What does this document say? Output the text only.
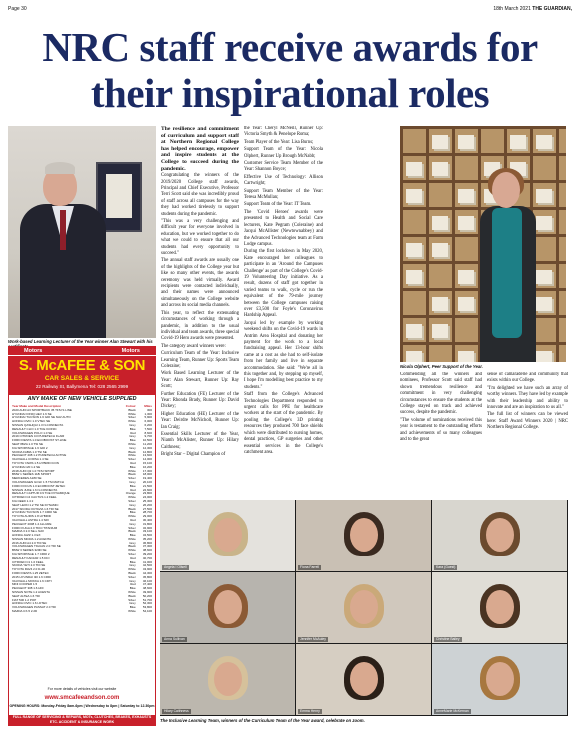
Page 30	18th March 2021 THE GUARDIAN,
NRC staff receive awards for
their inspirational roles
Work-based Learning Lecturer of the Year winner Alan Stewart with his

The resilience and commitment of curriculum and support staff at Northern Regional College has helped encourage, empower and inspire students at the College to succeed during the pandemic.

Congratulating the winners of the 2019/2020 College staff awards, Principal and Chief Executive, Professor Terri Scott said she was incredibly proud of staff across all campuses for the way they had worked tirelessly to support students during the pandemic.

"This was a very challenging and difficult year for everyone involved in education, but we worked together to do what we could to ensure that all our students had every opportunity to succeed."

The annual staff awards are usually one of the highlights of the College year but like so many other events, the awards ceremony was held virtually. Award recipients were contacted individually, and their names were announced simultaneously on the College website and across its social media channels.

This year, to reflect the extenuating circumstances of working through a pandemic, in addition to the usual individual and team awards, three special Covid-19 Hero awards were presented.

The category award winners were:

Curriculum Team of the Year: Inclusive Learning Team, Runner Up: Sports Team Coleraine;

Work Based Learning Lecturer of the Year: Alan Stewart, Runner Up: Ray Scott;

Further Education (FE) Lecturer of the Year: Rhonda Brady, Runner Up: David Dickey;

Higher Education (HE) Lecturer of the Year: Deirdre McNicholl, Runner Up: Ian Craig;

Essential Skills Lecturer of the Year, Niamh McAlister, Runner Up: Hilary Caithness;

Bright Star – Digital Champion of

the Year: Cheryl McNeill, Runner Up: Victoria Smyth & Penelope Roma;

Team Player of the Year: Lisa Burns;

Support Team of the Year: Nicola Olphert, Runner Up Brough McNabb;

Customer Service Team Member of the Year: Shannon Boyce;

Effective Use of Technology: Allison Cartwright;

Support Team Member of the Year: Teresa McMullan;

Support Team of the Year: IT Team.

The 'Covid Heroes' awards were presented to Health and Social Care lecturers, Kate Pegram (Coleraine) and Jacqui McAllister (Newtownabbey) and the Advanced Technologies team at Farm Lodge campus.

During the first lockdown in May 2020, Kate encouraged her colleagues to participate in an 'Around the Campuses Challenge' as part of the College's Covid-19 Volunteering Day initiative. As a result, dozens of staff got together in varied teams to walk, cycle or run the equivalent of the 79-mile journey between the College campuses raising over £3,500 for Foyle's Coronavirus Hardship Appeal.

Jacqui led by example by working weekend shifts on the Covid-19 wards in Antrim Area Hospital and donating her payment for the work to a local fundraising appeal. Her 13-hour shifts came at a cost as she had to self-isolate from her family and live in separate accommodation. She said: "We're all in this together and, by stepping up myself, I hope I'm modelling best practice to my students."

Staff from the College's Advanced Technologies Department responded to urgent calls for PPE for healthcare workers at the start of the pandemic. By pooling the College's 3D printing resources they produced 700 face shields which were distributed to nursing homes, dental practices, GP surgeries and other essential services in the College's catchment area.

Nicola Olphert, Peer Support of the Year.

Commending all the winners and nominees, Professor Scott said staff had shown tremendous resilience and commitment in very challenging circumstances to ensure the students at the College stayed on track and achieved success, despite the pandemic.

"The volume of nominations received this year is testament to the outstanding efforts and achievements of so many colleagues and to the great

sense of camaraderie and community that exists within our College.

"I'm delighted we have such an array of worthy winners. They have led by example with their leadership and ability to innovate and are an inspiration to us all."

The full list of winners can be viewed here: Staff Award Winners 2020 | NRC Northern Regional College.

Angela I Ollsell	Fiona Farrell	Kara (Guest)
Anna Sullivan	Jennifer McAuley	Christine Bailey
Hilary Caithness	Emma Henry	AnneMarie McKernan
The Inclusive Learning Team, winners of the Curriculum Team of the Year award, celebrate on zoom.
Motors	Motors
S. McAFEE & SON
CAR SALES & SERVICE
22 Railway St, Ballymena Tel: 028 2565 2999
ANY MAKE OF NEW VEHICLE SUPPLIED
Year Make and Model Description	Colour	Miles
2020 AUDI A3 SPORTBACK 35 TFSI S LINE	Black	300
HYUNDAI IONIQ HEV 1.6 SE	White	1,300
HYUNDAI TUCSON 1.6 GDI SE NAV AUTO	Silver	5,900
HONDA CIVIC 1.0 VTEC SE	White	6,000
NISSAN QASHQAI 1.3 N-CONNECTA	Grey	6,200
RENAULT CLIO 1.0 TCE ICONIC	Blue	7,500
VOLKSWAGEN POLO 1.0 SE	Red	8,600
2019 CITROEN C3 PURETECH FLAIR	Grey	9,700
FORD FIESTA 1.0 ECOBOOST ST-LINE	Blue	10,500
SEAT IBIZA 1.0 TSI SE	White	11,200
KIA SPORTAGE 1.6 GDI 2	Grey	12,300
SKODA FABIA 1.0 TSI SE	Black	12,800
PEUGEOT 208 1.2 PURETECH ACTIVE	White	13,600
VAUXHALL CORSA 1.4 SE	Silver	14,000
TOYOTA YARIS 1.5 HYBRID ICON	Red	15,100
HYUNDAI i20 1.2 SE	Blue	16,200
2018 AUDI Q2 1.0 TFSI SPORT	White	17,300
BMW 1 SERIES 118i SPORT	Black	18,000
MERCEDES A180 SE	Silver	19,400
VOLKSWAGEN GOLF 1.5 TSI MATCH	Grey	20,100
FORD FOCUS 1.0 ECOBOOST ZETEC	Blue	21,500
NISSAN JUKE 1.6 N-CONNECTA	Red	22,600
RENAULT CAPTUR 0.9 TCE DYNAMIQUE	Orange	23,800
CITROEN C4 CACTUS 1.2 FEEL	White	24,000
KIA CEED 1.4 2	Silver	25,300
SEAT LEON 1.2 TSI SE DYNAMIC	Grey	26,200
2017 SKODA OCTAVIA 1.6 TDI SE	Black	27,500
HYUNDAI TUCSON 1.7 CRDI SE	Blue	28,700
TOYOTA AURIS 1.8 HYBRID	White	29,000
VAUXHALL ASTRA 1.4 SRI	Red	30,400
PEUGEOT 2008 1.2 ALLURE	Grey	31,800
FORD KUGA 2.0 TDCI TITANIUM	Silver	32,900
MAZDA 3 2.0 SE-L NAV	Black	33,100
HONDA JAZZ 1.3 EX	Blue	34,500
NISSAN MICRA 1.2 ACENTA	White	35,200
2016 AUDI A4 2.0 TDI SE	Grey	36,800
VOLKSWAGEN TIGUAN 2.0 TDI SE	Black	37,300
BMW 3 SERIES 320D SE	White	38,600
KIA SPORTAGE 1.7 CRDI 2	Silver	39,200
RENAULT KADJAR 1.5 DCI	Red	40,700
CITROEN C1 1.0 FEEL	Blue	41,000
SKODA YETI 2.0 TDI SE	Grey	42,500
TOYOTA RAV4 2.0 D-4D	White	43,900
FORD FIESTA 1.25 ZETEC	Black	44,300
2015 HYUNDAI i30 1.6 CRDI	Silver	45,800
VAUXHALL MOKKA 1.6 CDTI	Grey	46,100
MINI COOPER 1.5	Red	47,400
PEUGEOT 308 1.6 HDI	Blue	48,600
NISSAN NOTE 1.2 ACENTA	White	49,900
SEAT ALTEA 1.6 TDI	Black	50,200
FIAT 500 1.2 POP	Silver	51,700
HONDA CIVIC 1.6 I-DTEC	Grey	52,300
VOLKSWAGEN PASSAT 2.0 TDI	Blue	53,800
MAZDA CX-5 2.2D	White	54,100
For more details of vehicles visit our website
www.smcafeeandson.com
OPENING HOURS: Monday-Friday 8am-6pm | Wednesday to 8pm | Saturday to 12.30pm
FULL RANGE OF SERVICING & REPAIRS, MOTs, CLUTCHES, BRAKES, EXHAUSTS ETC. ACCIDENT & INSURANCE WORK
